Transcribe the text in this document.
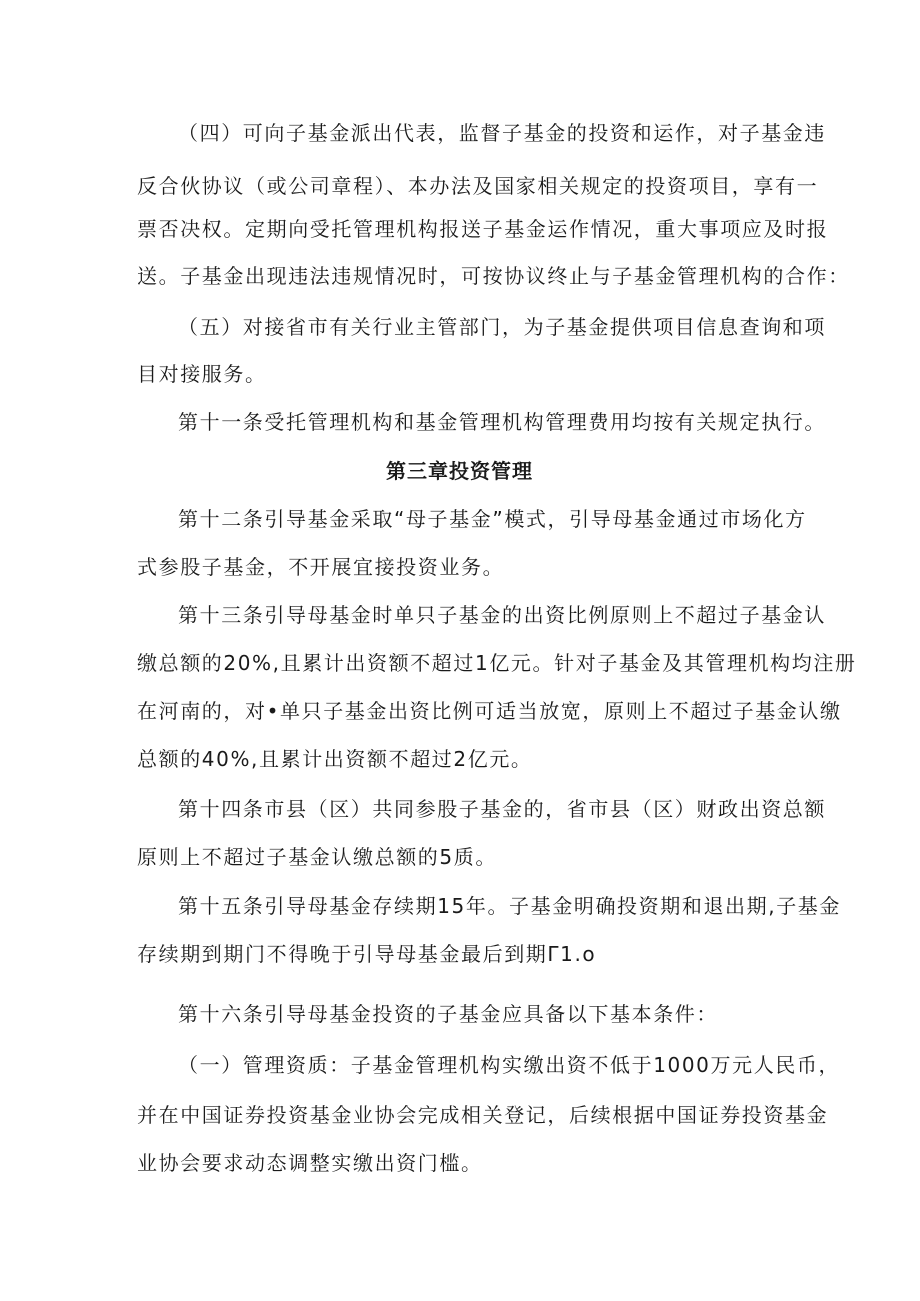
（四）可向子基金派出代表，监督子基金的投资和运作，对子基金违
反合伙协议（或公司章程）、本办法及国家相关规定的投资项目，享有一
票否决权。定期向受托管理机构报送子基金运作情况，重大事项应及时报
送。子基金出现违法违规情况时，可按协议终止与子基金管理机构的合作：
（五）对接省市有关行业主管部门，为子基金提供项目信息查询和项
目对接服务。
第十一条受托管理机构和基金管理机构管理费用均按有关规定执行。
第三章投资管理
第十二条引导基金采取“母子基金”模式，引导母基金通过市场化方
式参股子基金，不开展宜接投资业务。
第十三条引导母基金时单只子基金的出资比例原则上不超过子基金认
缴总额的20%,且累计出资额不超过1亿元。针对子基金及其管理机构均注册
在河南的，对•单只子基金出资比例可适当放宽，原则上不超过子基金认缴
总额的40%,且累计出资额不超过2亿元。
第十四条市县（区）共同参股子基金的，省市县（区）财政出资总额
原则上不超过子基金认缴总额的5质。
第十五条引导母基金存续期15年。子基金明确投资期和退出期,子基金
存续期到期门不得晚于引导母基金最后到期Γ1.o
第十六条引导母基金投资的子基金应具备以下基本条件：
（一）管理资质：子基金管理机构实缴出资不低于1000万元人民币，
并在中国证券投资基金业协会完成相关登记，后续根据中国证券投资基金
业协会要求动态调整实缴出资门槛。
